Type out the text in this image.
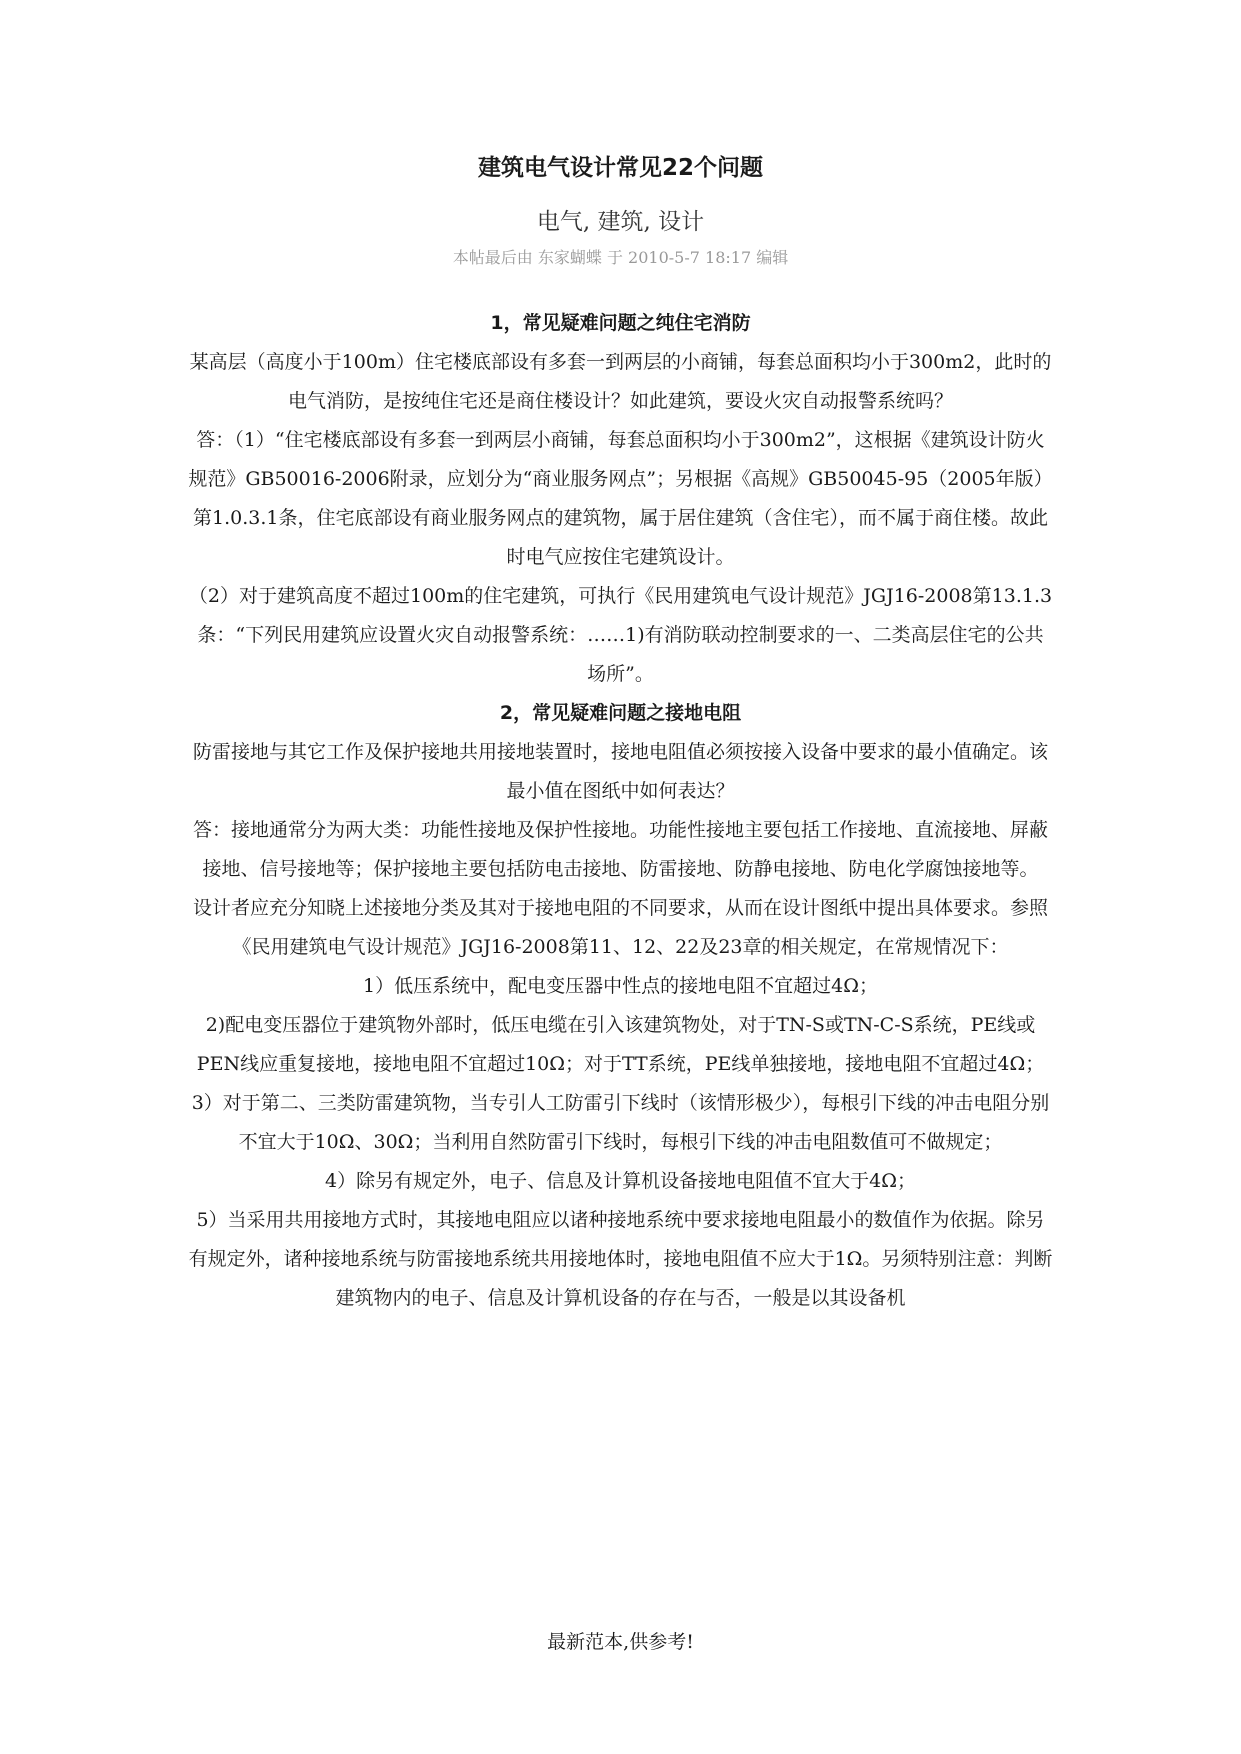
建筑电气设计常见22个问题

电气, 建筑, 设计

本帖最后由 东家蝴蝶 于 2010-5-7 18:17 编辑

1，常见疑难问题之纯住宅消防

某高层（高度小于100m）住宅楼底部设有多套一到两层的小商铺，每套总面积均小于300m2，此时的电气消防，是按纯住宅还是商住楼设计？如此建筑，要设火灾自动报警系统吗？

答：（1）“住宅楼底部设有多套一到两层小商铺，每套总面积均小于300m2”，这根据《建筑设计防火规范》GB50016-2006附录，应划分为“商业服务网点”；另根据《高规》GB50045-95（2005年版）第1.0.3.1条，住宅底部设有商业服务网点的建筑物，属于居住建筑（含住宅），而不属于商住楼。故此时电气应按住宅建筑设计。

（2）对于建筑高度不超过100m的住宅建筑，可执行《民用建筑电气设计规范》JGJ16-2008第13.1.3条：“下列民用建筑应设置火灾自动报警系统：……1)有消防联动控制要求的一、二类高层住宅的公共场所”。

2，常见疑难问题之接地电阻

防雷接地与其它工作及保护接地共用接地装置时，接地电阻值必须按接入设备中要求的最小值确定。该最小值在图纸中如何表达？

答：接地通常分为两大类：功能性接地及保护性接地。功能性接地主要包括工作接地、直流接地、屏蔽接地、信号接地等；保护接地主要包括防电击接地、防雷接地、防静电接地、防电化学腐蚀接地等。

设计者应充分知晓上述接地分类及其对于接地电阻的不同要求，从而在设计图纸中提出具体要求。参照《民用建筑电气设计规范》JGJ16-2008第11、12、22及23章的相关规定，在常规情况下：

1）低压系统中，配电变压器中性点的接地电阻不宜超过4Ω；

2)配电变压器位于建筑物外部时，低压电缆在引入该建筑物处，对于TN-S或TN-C-S系统，PE线或PEN线应重复接地，接地电阻不宜超过10Ω；对于TT系统，PE线单独接地，接地电阻不宜超过4Ω；

3）对于第二、三类防雷建筑物，当专引人工防雷引下线时（该情形极少），每根引下线的冲击电阻分别不宜大于10Ω、30Ω；当利用自然防雷引下线时，每根引下线的冲击电阻数值可不做规定；

4）除另有规定外，电子、信息及计算机设备接地电阻值不宜大于4Ω；

5）当采用共用接地方式时，其接地电阻应以诸种接地系统中要求接地电阻最小的数值作为依据。除另有规定外，诸种接地系统与防雷接地系统共用接地体时，接地电阻值不应大于1Ω。另须特别注意：判断建筑物内的电子、信息及计算机设备的存在与否，一般是以其设备机

最新范本,供参考!
